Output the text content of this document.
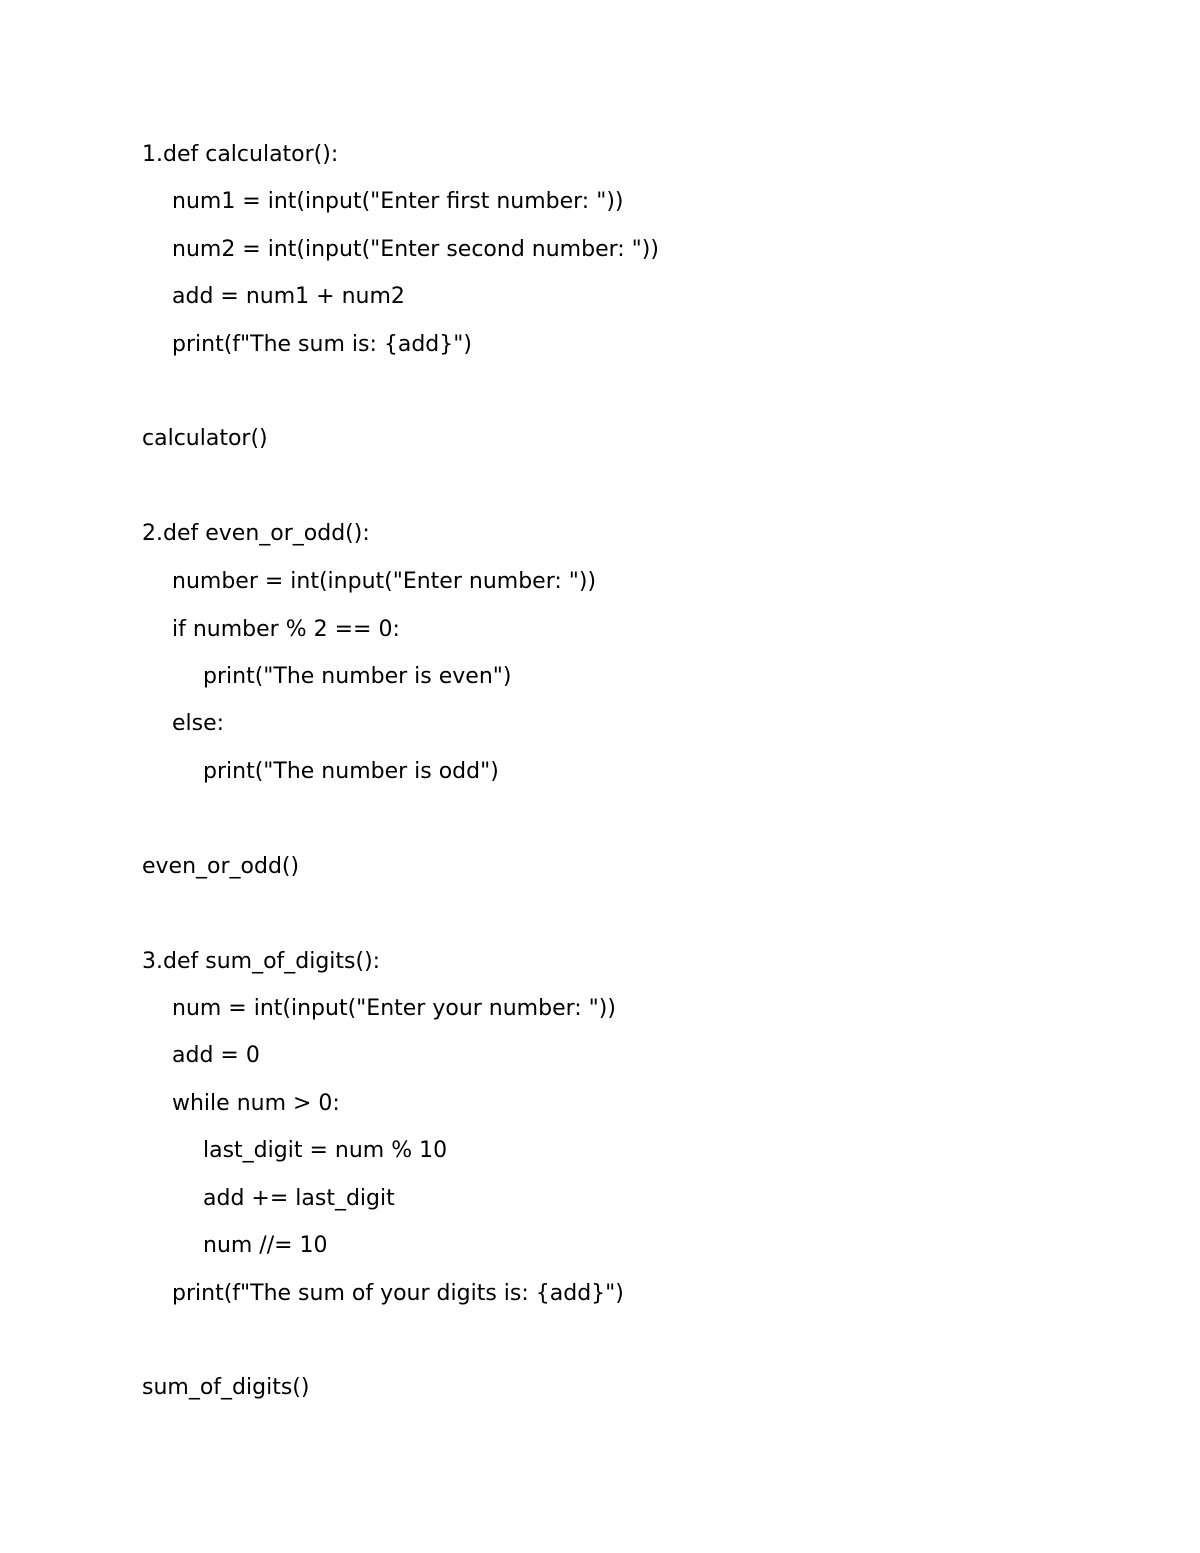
1.def calculator():
num1 = int(input("Enter first number: "))
num2 = int(input("Enter second number: "))
add = num1 + num2
print(f"The sum is: {add}")
calculator()
2.def even_or_odd():
number = int(input("Enter number: "))
if number % 2 == 0:
print("The number is even")
else:
print("The number is odd")
even_or_odd()
3.def sum_of_digits():
num = int(input("Enter your number: "))
add = 0
while num > 0:
last_digit = num % 10
add += last_digit
num //= 10
print(f"The sum of your digits is: {add}")
sum_of_digits()
